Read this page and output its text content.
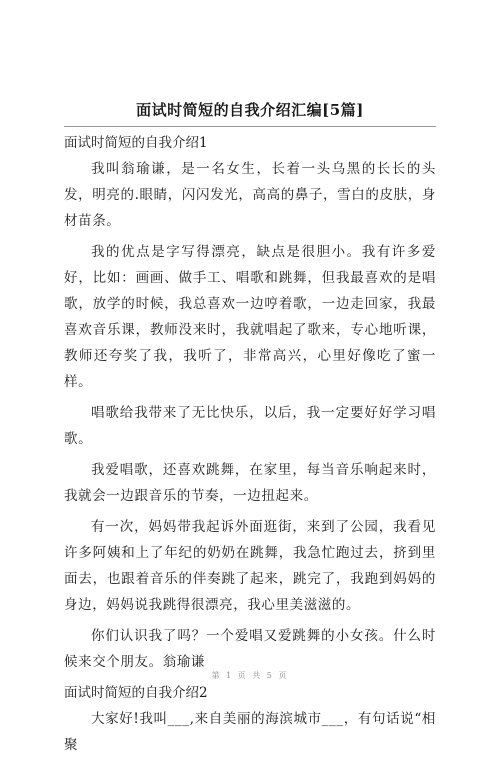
面试时简短的自我介绍汇编[5篇]
面试时简短的自我介绍1

我叫翁瑜谦，是一名女生，长着一头乌黑的长长的头发，明亮的.眼睛，闪闪发光，高高的鼻子，雪白的皮肤，身材苗条。

我的优点是字写得漂亮，缺点是很胆小。我有许多爱好，比如：画画、做手工、唱歌和跳舞，但我最喜欢的是唱歌，放学的时候，我总喜欢一边哼着歌，一边走回家，我最喜欢音乐课，教师没来时，我就唱起了歌来，专心地听课，教师还夸奖了我，我听了，非常高兴，心里好像吃了蜜一样。

唱歌给我带来了无比快乐，以后，我一定要好好学习唱歌。

我爱唱歌，还喜欢跳舞，在家里，每当音乐响起来时，我就会一边跟音乐的节奏，一边扭起来。

有一次，妈妈带我起诉外面逛街，来到了公园，我看见许多阿姨和上了年纪的奶奶在跳舞，我急忙跑过去，挤到里面去，也跟着音乐的伴奏跳了起来，跳完了，我跑到妈妈的身边，妈妈说我跳得很漂亮，我心里美滋滋的。

你们认识我了吗？一个爱唱又爱跳舞的小女孩。什么时候来交个朋友。翁瑜谦

面试时简短的自我介绍2

大家好!我叫___,来自美丽的海滨城市___，有句话说“相聚

第 1 页 共 5 页
